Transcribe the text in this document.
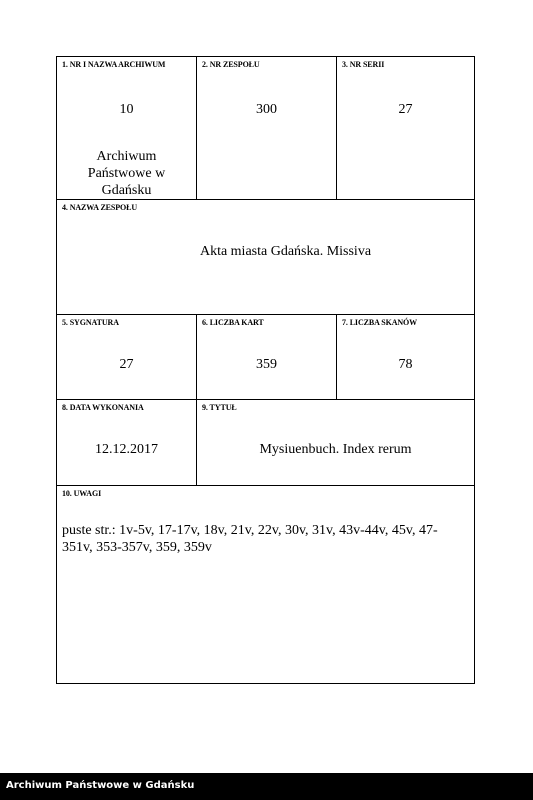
1. NR I NAZWA ARCHIWUM
10
Archiwum Państwowe w Gdańsku
2. NR ZESPOŁU
300
3. NR SERII
27
4. NAZWA ZESPOŁU
Akta miasta Gdańska. Missiva
5. SYGNATURA
27
6. LICZBA KART
359
7. LICZBA SKANÓW
78
8. DATA WYKONANIA
12.12.2017
9. TYTUŁ
Mysiuenbuch. Index rerum
10. UWAGI
puste str.: 1v-5v, 17-17v, 18v, 21v, 22v, 30v, 31v, 43v-44v, 45v, 47-351v, 353-357v, 359, 359v
Archiwum Państwowe w Gdańsku
